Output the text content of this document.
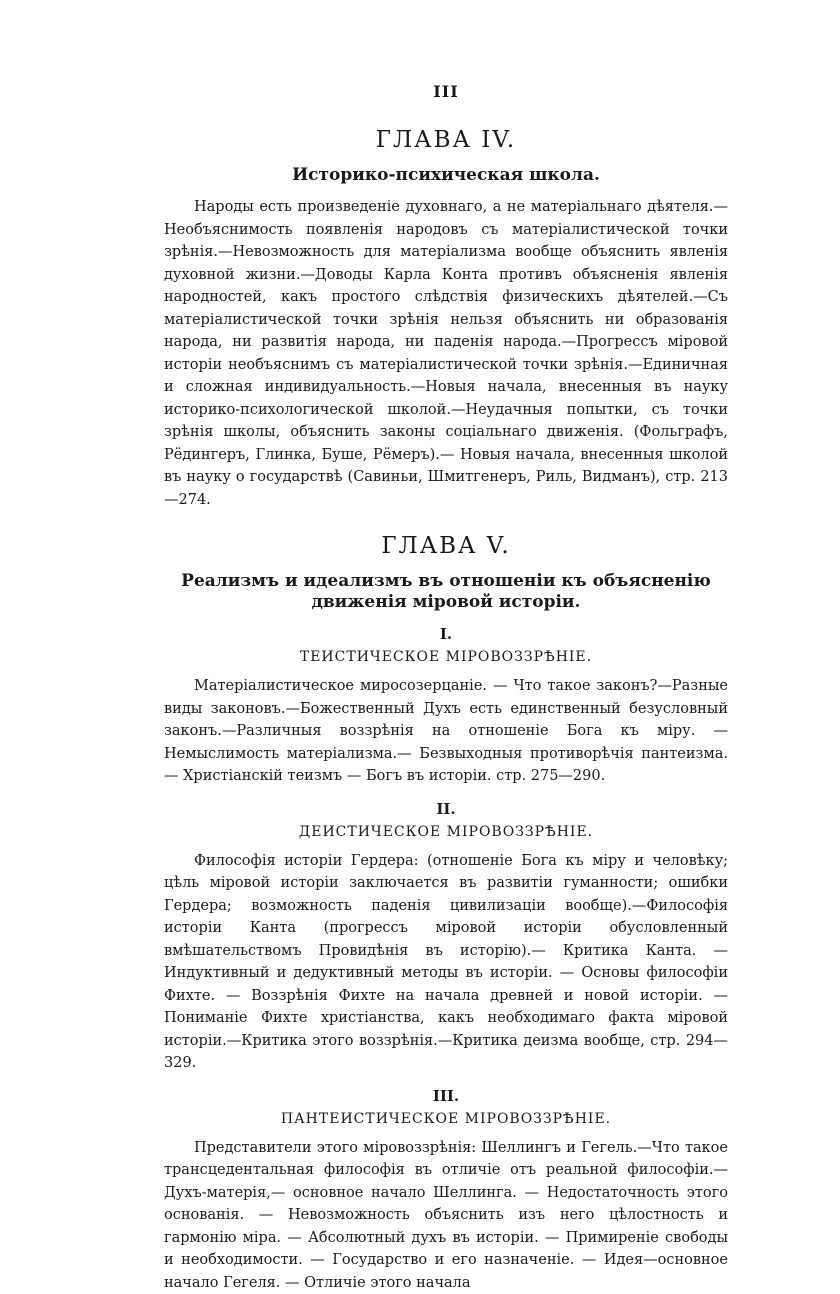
III
ГЛАВА IV.
Историко-психическая школа.

Народы есть произведеніе духовнаго, а не матеріальнаго дѣятеля.—Необъяснимость появленія народовъ съ матеріалистической точки зрѣнія.—Невозможность для матеріализма вообще объяснить явленія духовной жизни.—Доводы Карла Конта противъ объясненія явленія народностей, какъ простого слѣдствія физическихъ дѣятелей.—Съ матеріалистической точки зрѣнія нельзя объяснить ни образованія народа, ни развитія народа, ни паденія народа.—Прогрессъ міровой исторіи необъяснимъ съ матеріалистической точки зрѣнія.—Единичная и сложная индивидуальность.—Новыя начала, внесенныя въ науку историко-психологической школой.—Неудачныя попытки, съ точки зрѣнія школы, объяснить законы соціальнаго движенія. (Фольграфъ, Рёдингеръ, Глинка, Буше, Рёмеръ).— Новыя начала, внесенныя школой въ науку о государствѣ (Савиньи, Шмитгенеръ, Риль, Видманъ), стр. 213—274.

ГЛАВА V.
Реализмъ и идеализмъ въ отношеніи къ объясненію движенія міровой исторіи.
I.
ТЕИСТИЧЕСКОЕ МІРОВОЗЗРѢНІЕ.

Матеріалистическое миросозерцаніе. — Что такое законъ?—Разные виды законовъ.—Божественный Духъ есть единственный безусловный законъ.—Различныя воззрѣнія на отношеніе Бога къ міру. — Немыслимость матеріализма.— Безвыходныя противорѣчія пантеизма. — Христіанскій теизмъ — Богъ въ исторіи. стр. 275—290.

II.
ДЕИСТИЧЕСКОЕ МІРОВОЗЗРѢНІЕ.

Философія исторіи Гердера: (отношеніе Бога къ міру и человѣку; цѣль міровой исторіи заключается въ развитіи гуманности; ошибки Гердера; возможность паденія цивилизаціи вообще).—Философія исторіи Канта (прогрессъ міровой исторіи обусловленный вмѣшательствомъ Провидѣнія въ исторію).— Критика Канта. — Индуктивный и дедуктивный методы въ исторіи. — Основы философіи Фихте. — Воззрѣнія Фихте на начала древней и новой исторіи. — Пониманіе Фихте христіанства, какъ необходимаго факта міровой исторіи.—Критика этого воззрѣнія.—Критика деизма вообще, стр. 294—329.

III.
ПАНТЕИСТИЧЕСКОЕ МІРОВОЗЗРѢНІЕ.

Представители этого міровоззрѣнія: Шеллингъ и Гегель.—Что такое трансцедентальная философія въ отличіе отъ реальной философіи.—Духъ-матерія,— основное начало Шеллинга. — Недостаточность этого основанія. — Невозможность объяснить изъ него цѣлостность и гармонію міра. — Абсолютный духъ въ исторіи. — Примиреніе свободы и необходимости. — Государство и его назначеніе. — Идея—основное начало Гегеля. — Отличіе этого начала
